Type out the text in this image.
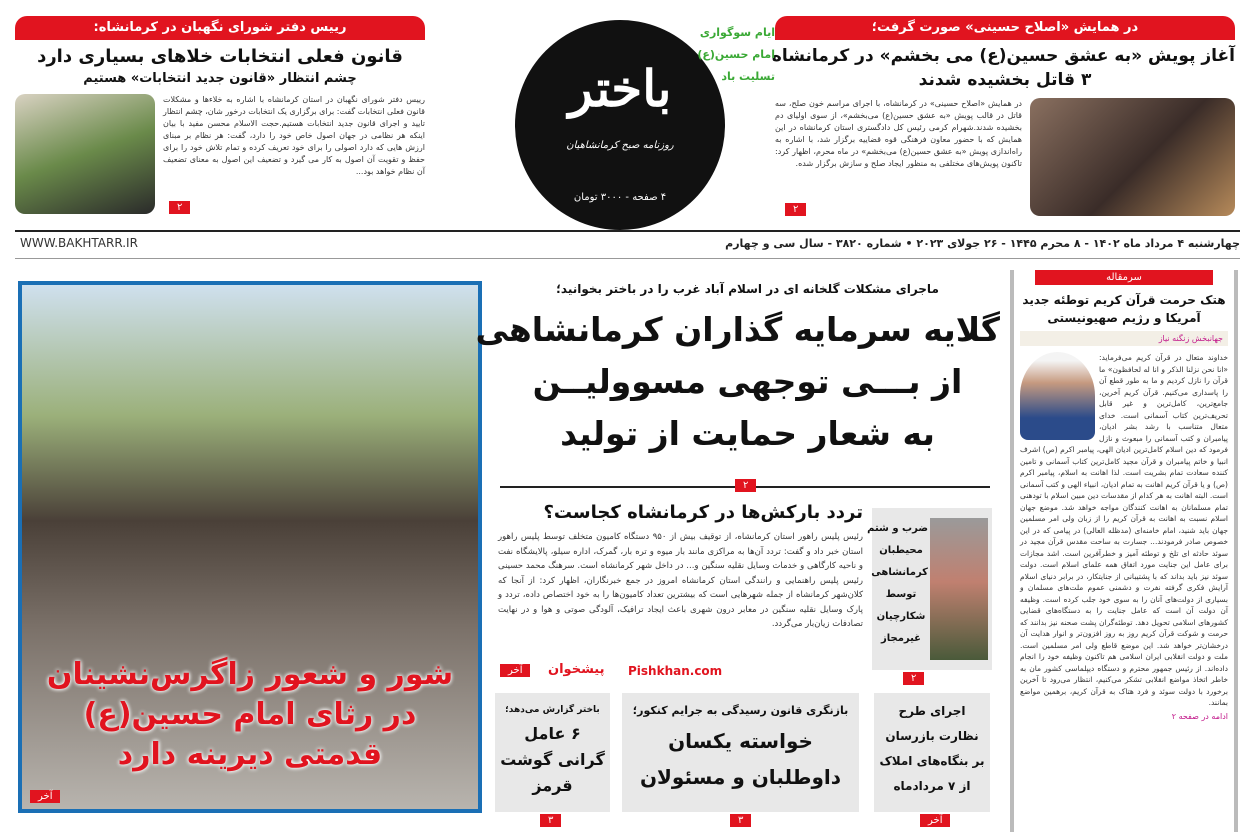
در همایش «اصلاح حسینی» صورت گرفت؛
آغاز پویش «به عشق حسین(ع) می بخشم» در کرمانشاه
۳ قاتل بخشیده شدند
در همایش «اصلاح حسینی» در کرمانشاه، با اجرای مراسم خون صلح، سه قاتل در قالب پویش «به عشق حسین(ع) می‌بخشم»، از سوی اولیای دم بخشیده شدند.شهرام کرمی رئیس کل دادگستری استان کرمانشاه در این همایش که با حضور معاون فرهنگی قوه قضاییه برگزار شد، با اشاره به راه‌اندازی پویش «به عشق حسین(ع) می‌بخشم» در ماه محرم، اظهار کرد: تاکنون پویش‌های مختلفی به منظور ایجاد صلح و سازش برگزار شده.
۲
باختر
روزنامه صبح کرمانشاهیان
۴ صفحه - ۳۰۰۰ تومان
ایام سوگواری
امام حسین(ع)
تسلیت باد
رییس دفتر شورای نگهبان در کرمانشاه:
قانون فعلی انتخابات خلاهای بسیاری دارد
چشم انتظار «قانون جدید انتخابات» هستیم
رییس دفتر شورای نگهبان در استان کرمانشاه با اشاره به خلاءها و مشکلات قانون فعلی انتخابات گفت: برای برگزاری یک انتخابات درخور شان، چشم انتظار تایید و اجرای قانون جدید انتخابات هستیم.حجت الاسلام محسن مفید با بیان اینکه هر نظامی در جهان اصول خاص خود را دارد، گفت: هر نظام بر مبنای ارزش هایی که دارد اصولی را برای خود تعریف کرده و تمام تلاش خود را برای حفظ و تقویت آن اصول به کار می گیرد و تضعیف این اصول به معنای تضعیف آن نظام خواهد بود...
۲
WWW.BAKHTARR.IR	چهارشنبه ۴ مرداد ماه ۱۴۰۲ - ۸ محرم ۱۴۴۵ - ۲۶ جولای ۲۰۲۳ • شماره ۳۸۲۰ - سال سی و چهارم
شور و شعور زاگرس‌نشینان
در رثای امام حسین(ع)
قدمتی دیرینه دارد
آخر
ماجرای مشکلات گلخانه ای در اسلام آباد غرب را در باختر بخوانید؛
گلایه سرمایه گذاران کرمانشاهی
از بـــی توجهی مسوولیــن
به شعار حمایت از تولید
۲
تردد بارکش‌ها در کرمانشاه کجاست؟
رئیس پلیس راهور استان کرمانشاه، از توقیف بیش از ۹۵۰ دستگاه کامیون متخلف توسط پلیس راهور استان خبر داد و گفت: تردد آن‌ها به مراکزی مانند بار میوه و تره بار، گمرک، اداره سیلو، پالایشگاه نفت و ناحیه کارگاهی و خدمات وسایل نقلیه سنگین و... در داخل شهر کرمانشاه است. سرهنگ محمد حسینی رئیس پلیس راهنمایی و رانندگی استان کرمانشاه امروز در جمع خبرنگاران، اظهار کرد: از آنجا که کلان‌شهر کرمانشاه از جمله شهرهایی است که بیشترین تعداد کامیون‌ها را به خود اختصاص داده، تردد و پارک وسایل نقلیه سنگین در معابر درون شهری باعث ایجاد ترافیک، آلودگی صوتی و هوا و در نهایت تصادفات زیان‌بار می‌گردد.
آخر	پیشخوان Pishkhan.com
ضرب و شتم
محیطبان
کرمانشاهی
توسط
شکارچیان
غیرمجاز
۲
اجرای طرح
نظارت بازرسان
بر بنگاه‌های املاک
از ۷ مردادماه
آخر
بازنگری قانون رسیدگی به جرایم کنکور؛
خواسته یکسان
داوطلبان و مسئولان
۳
باختر گزارش می‌دهد؛
۶ عامل
گرانی گوشت
قرمز
۳
سرمقاله
هتک حرمت قرآن کریم توطئه جدید آمریکا و رژیم صهیونیستی
جهانبخش زنگنه نیاز
خداوند متعال در قرآن کریم می‌فرماید: «انا نحن نزلنا الذکر و انا له لحافظون» ما قرآن را نازل کردیم و ما به طور قطع آن را پاسداری می‌کنیم. قرآن کریم آخرین، جامع‌ترین، کامل‌ترین و غیر قابل تحریف‌ترین کتاب آسمانی است. خدای متعال متناسب با رشد بشر ادیان، پیامبران و کتب آسمانی را مبعوث و نازل فرمود که دین اسلام کامل‌ترین ادیان الهی، پیامبر اکرم (ص) اشرف انبیا و خاتم پیامبران و قرآن مجید کامل‌ترین کتاب آسمانی و تامین کننده سعادت تمام بشریت است. لذا اهانت به اسلام، پیامبر اکرم (ص) و یا قرآن کریم اهانت به تمام ادیان، انبیاء الهی و کتب آسمانی است. البته اهانت به هر کدام از مقدسات دین مبین اسلام با تودهنی تمام مسلمانان به اهانت کنندگان مواجه خواهد شد. موضع جهان اسلام نسبت به اهانت به قرآن کریم را از زبان ولی امر مسلمین جهان باید شنید، امام خامنه‌ای (مدظله العالی) در پیامی که در این خصوص صادر فرمودند... جسارت به ساحت مقدس قرآن مجید در سوئد حادثه ای تلخ و توطئه آمیز و خطرآفرین است. اشد مجازات برای عامل این جنایت مورد اتفاق همه علمای اسلام است. دولت سوئد نیز باید بداند که با پشتیبانی از جنایتکار، در برابر دنیای اسلام آرایش فکری گرفته نفرت و دشمنی عموم ملت‌های مسلمان و بسیاری از دولت‌های آنان را به سوی خود جلب کرده است. وظیفه آن دولت آن است که عامل جنایت را به دستگاه‌های قضایی کشورهای اسلامی تحویل دهد. توطئه‌گران پشت صحنه نیز بدانند که حرمت و شوکت قرآن کریم روز به روز افزون‌تر و انوار هدایت آن درخشان‌تر خواهد شد. این موضع قاطع ولی امر مسلمین است. ملت و دولت انقلابی ایران اسلامی هم تاکنون وظیفه خود را انجام داده‌اند. از رئیس جمهور محترم و دستگاه دیپلماسی کشور مان به خاطر اتخاذ مواضع انقلابی تشکر می‌کنیم، انتظار می‌رود تا آخرین برخورد با دولت سوئد و فرد هتاک به قرآن کریم، برهمین مواضع بمانند.
ادامه در صفحه ۲
